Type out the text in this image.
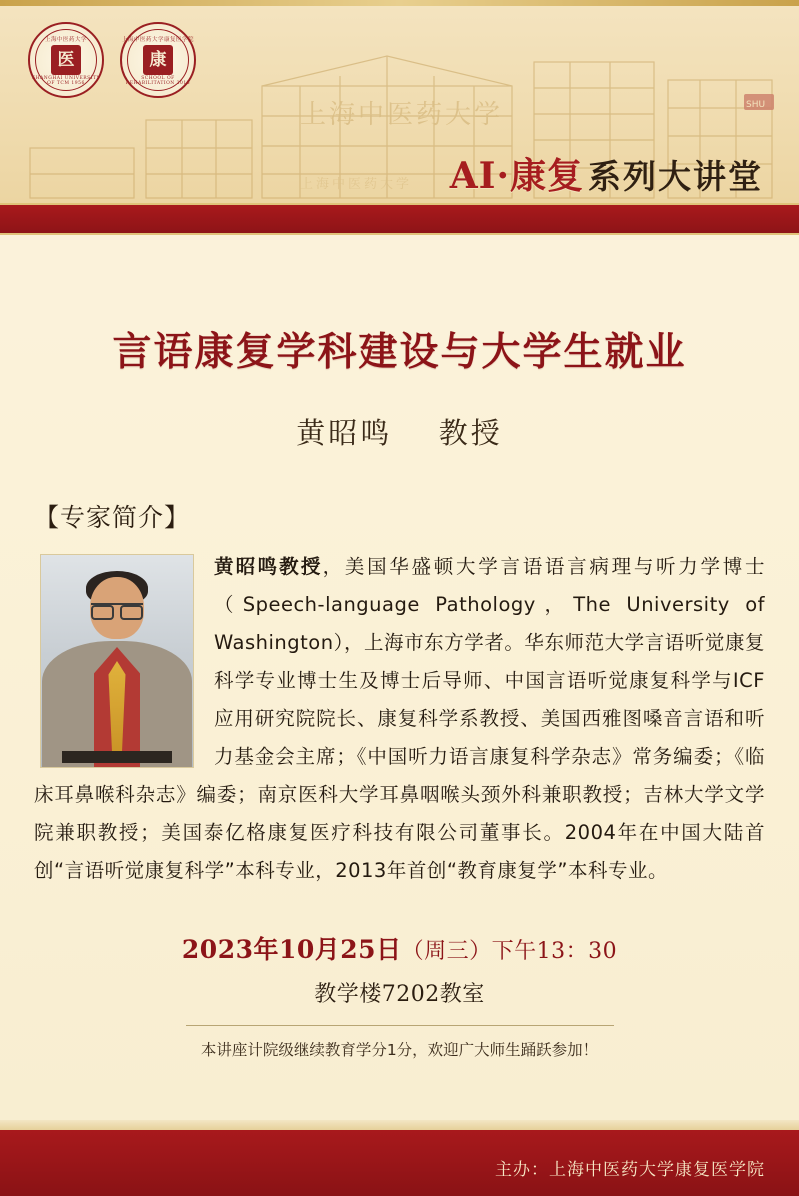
上海中医药大学
上海中医药大学
SHU
上海中医药大学
医
SHANGHAI UNIVERSITY OF TCM 1956
上海中医药大学康复医学院
康
SCHOOL OF REHABILITATION 2015
AI·康复 系列大讲堂
言语康复学科建设与大学生就业
黄昭鸣 教授
【专家简介】
黄昭鸣教授，美国华盛顿大学言语语言病理与听力学博士（Speech-language Pathology，The University of Washington），上海市东方学者。华东师范大学言语听觉康复科学专业博士生及博士后导师、中国言语听觉康复科学与ICF应用研究院院长、康复科学系教授、美国西雅图嗓音言语和听力基金会主席；《中国听力语言康复科学杂志》常务编委；《临床耳鼻喉科杂志》编委；南京医科大学耳鼻咽喉头颈外科兼职教授；吉林大学文学院兼职教授；美国泰亿格康复医疗科技有限公司董事长。2004年在中国大陆首创“言语听觉康复科学”本科专业，2013年首创“教育康复学”本科专业。
2023年10月25日（周三）下午13：30
教学楼7202教室
本讲座计院级继续教育学分1分，欢迎广大师生踊跃参加！
主办：上海中医药大学康复医学院
